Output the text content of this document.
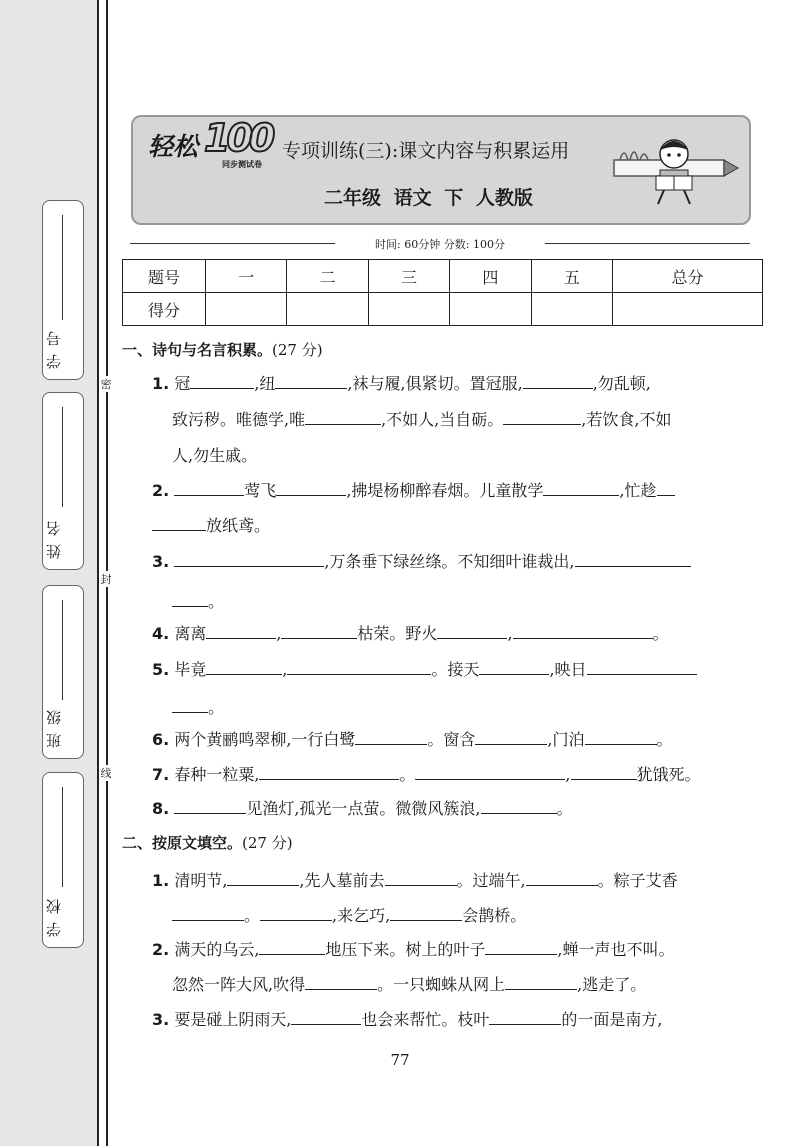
学号
姓名
班级
学校
密
封
线
轻松 100
同步测试卷
专项训练(三):课文内容与积累运用
二年级 语文 下 人教版
时间: 60分钟 分数: 100分
题号	一	二	三	四	五	总分
得分						
一、诗句与名言积累。(27 分)
1. 冠	,纽	,袜与履,俱紧切。置冠服,	,勿乱顿,
致污秽。唯德学,唯	,不如人,当自砺。	,若饮食,不如
人,勿生戚。
2.	莺飞	,拂堤杨柳醉春烟。儿童散学	,忙趁
放纸鸢。
3.	,万条垂下绿丝绦。不知细叶谁裁出,
。
4. 离离	,	枯荣。野火	,	。
5. 毕竟	,	。接天	,映日
。
6. 两个黄鹂鸣翠柳,一行白鹭	。窗含	,门泊	。
7. 春种一粒粟,	。	,	犹饿死。
8.	见渔灯,孤光一点萤。微微风簇浪,	。
二、按原文填空。(27 分)
1. 清明节,	,先人墓前去	。过端午,	。粽子艾香
。	,来乞巧,	会鹊桥。
2. 满天的乌云,	地压下来。树上的叶子	,蝉一声也不叫。
忽然一阵大风,吹得	。一只蜘蛛从网上	,逃走了。
3. 要是碰上阴雨天,	也会来帮忙。枝叶	的一面是南方,
77
